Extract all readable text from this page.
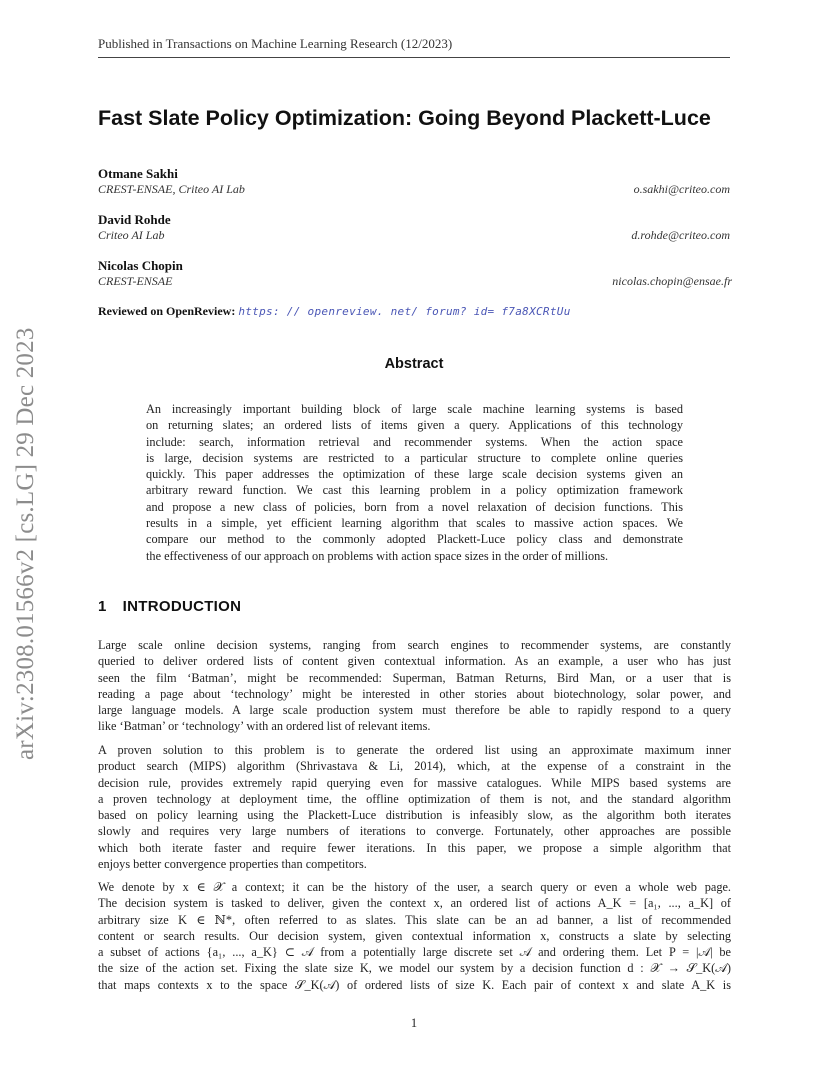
Published in Transactions on Machine Learning Research (12/2023)
Fast Slate Policy Optimization: Going Beyond Plackett-Luce
Otmane Sakhi
CREST-ENSAE, Criteo AI Lab	o.sakhi@criteo.com
David Rohde
Criteo AI Lab	d.rohde@criteo.com
Nicolas Chopin
CREST-ENSAE	nicolas.chopin@ensae.fr
Reviewed on OpenReview: https: // openreview. net/ forum? id= f7a8XCRtUu
Abstract
An increasingly important building block of large scale machine learning systems is based
on returning slates; an ordered lists of items given a query. Applications of this technology
include: search, information retrieval and recommender systems. When the action space
is large, decision systems are restricted to a particular structure to complete online queries
quickly. This paper addresses the optimization of these large scale decision systems given an
arbitrary reward function. We cast this learning problem in a policy optimization framework
and propose a new class of policies, born from a novel relaxation of decision functions. This
results in a simple, yet efficient learning algorithm that scales to massive action spaces. We
compare our method to the commonly adopted Plackett-Luce policy class and demonstrate
the effectiveness of our approach on problems with action space sizes in the order of millions.
1 INTRODUCTION
Large scale online decision systems, ranging from search engines to recommender systems, are constantly
queried to deliver ordered lists of content given contextual information. As an example, a user who has just
seen the film ‘Batman’, might be recommended: Superman, Batman Returns, Bird Man, or a user that is
reading a page about ‘technology’ might be interested in other stories about biotechnology, solar power, and
large language models. A large scale production system must therefore be able to rapidly respond to a query
like ‘Batman’ or ‘technology’ with an ordered list of relevant items.
A proven solution to this problem is to generate the ordered list using an approximate maximum inner
product search (MIPS) algorithm (Shrivastava & Li, 2014), which, at the expense of a constraint in the
decision rule, provides extremely rapid querying even for massive catalogues. While MIPS based systems are
a proven technology at deployment time, the offline optimization of them is not, and the standard algorithm
based on policy learning using the Plackett-Luce distribution is infeasibly slow, as the algorithm both iterates
slowly and requires very large numbers of iterations to converge. Fortunately, other approaches are possible
which both iterate faster and require fewer iterations. In this paper, we propose a simple algorithm that
enjoys better convergence properties than competitors.
We denote by x ∈ 𝒳 a context; it can be the history of the user, a search query or even a whole web page.
The decision system is tasked to deliver, given the context x, an ordered list of actions A_K = [a₁, ..., a_K] of
arbitrary size K ∈ ℕ*, often referred to as slates. This slate can be an ad banner, a list of recommended
content or search results. Our decision system, given contextual information x, constructs a slate by selecting
a subset of actions {a₁, ..., a_K} ⊂ 𝒜 from a potentially large discrete set 𝒜 and ordering them. Let P = |𝒜| be
the size of the action set. Fixing the slate size K, we model our system by a decision function d : 𝒳 → 𝒮_K(𝒜)
that maps contexts x to the space 𝒮_K(𝒜) of ordered lists of size K. Each pair of context x and slate A_K is
arXiv:2308.01566v2 [cs.LG] 29 Dec 2023
1
